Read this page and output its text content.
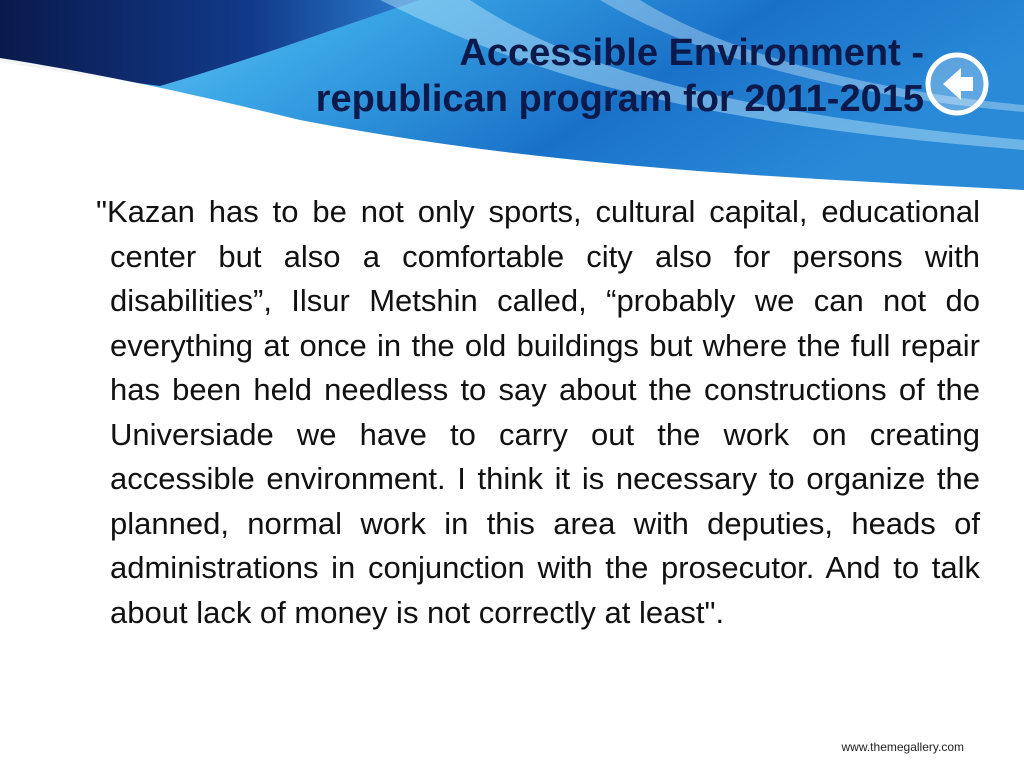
Accessible Environment -
republican program for 2011-2015

"Kazan has to be not only sports, cultural capital, educational center but also a comfortable city also for persons with disabilities”, Ilsur Metshin called, “probably we can not do everything at once in the old buildings but where the full repair has been held needless to say about the constructions of the Universiade we have to carry out the work on creating accessible environment. I think it is necessary to organize the planned, normal work in this area with deputies, heads of administrations in conjunction with the prosecutor. And to talk about lack of money is not correctly at least".

www.themegallery.com
